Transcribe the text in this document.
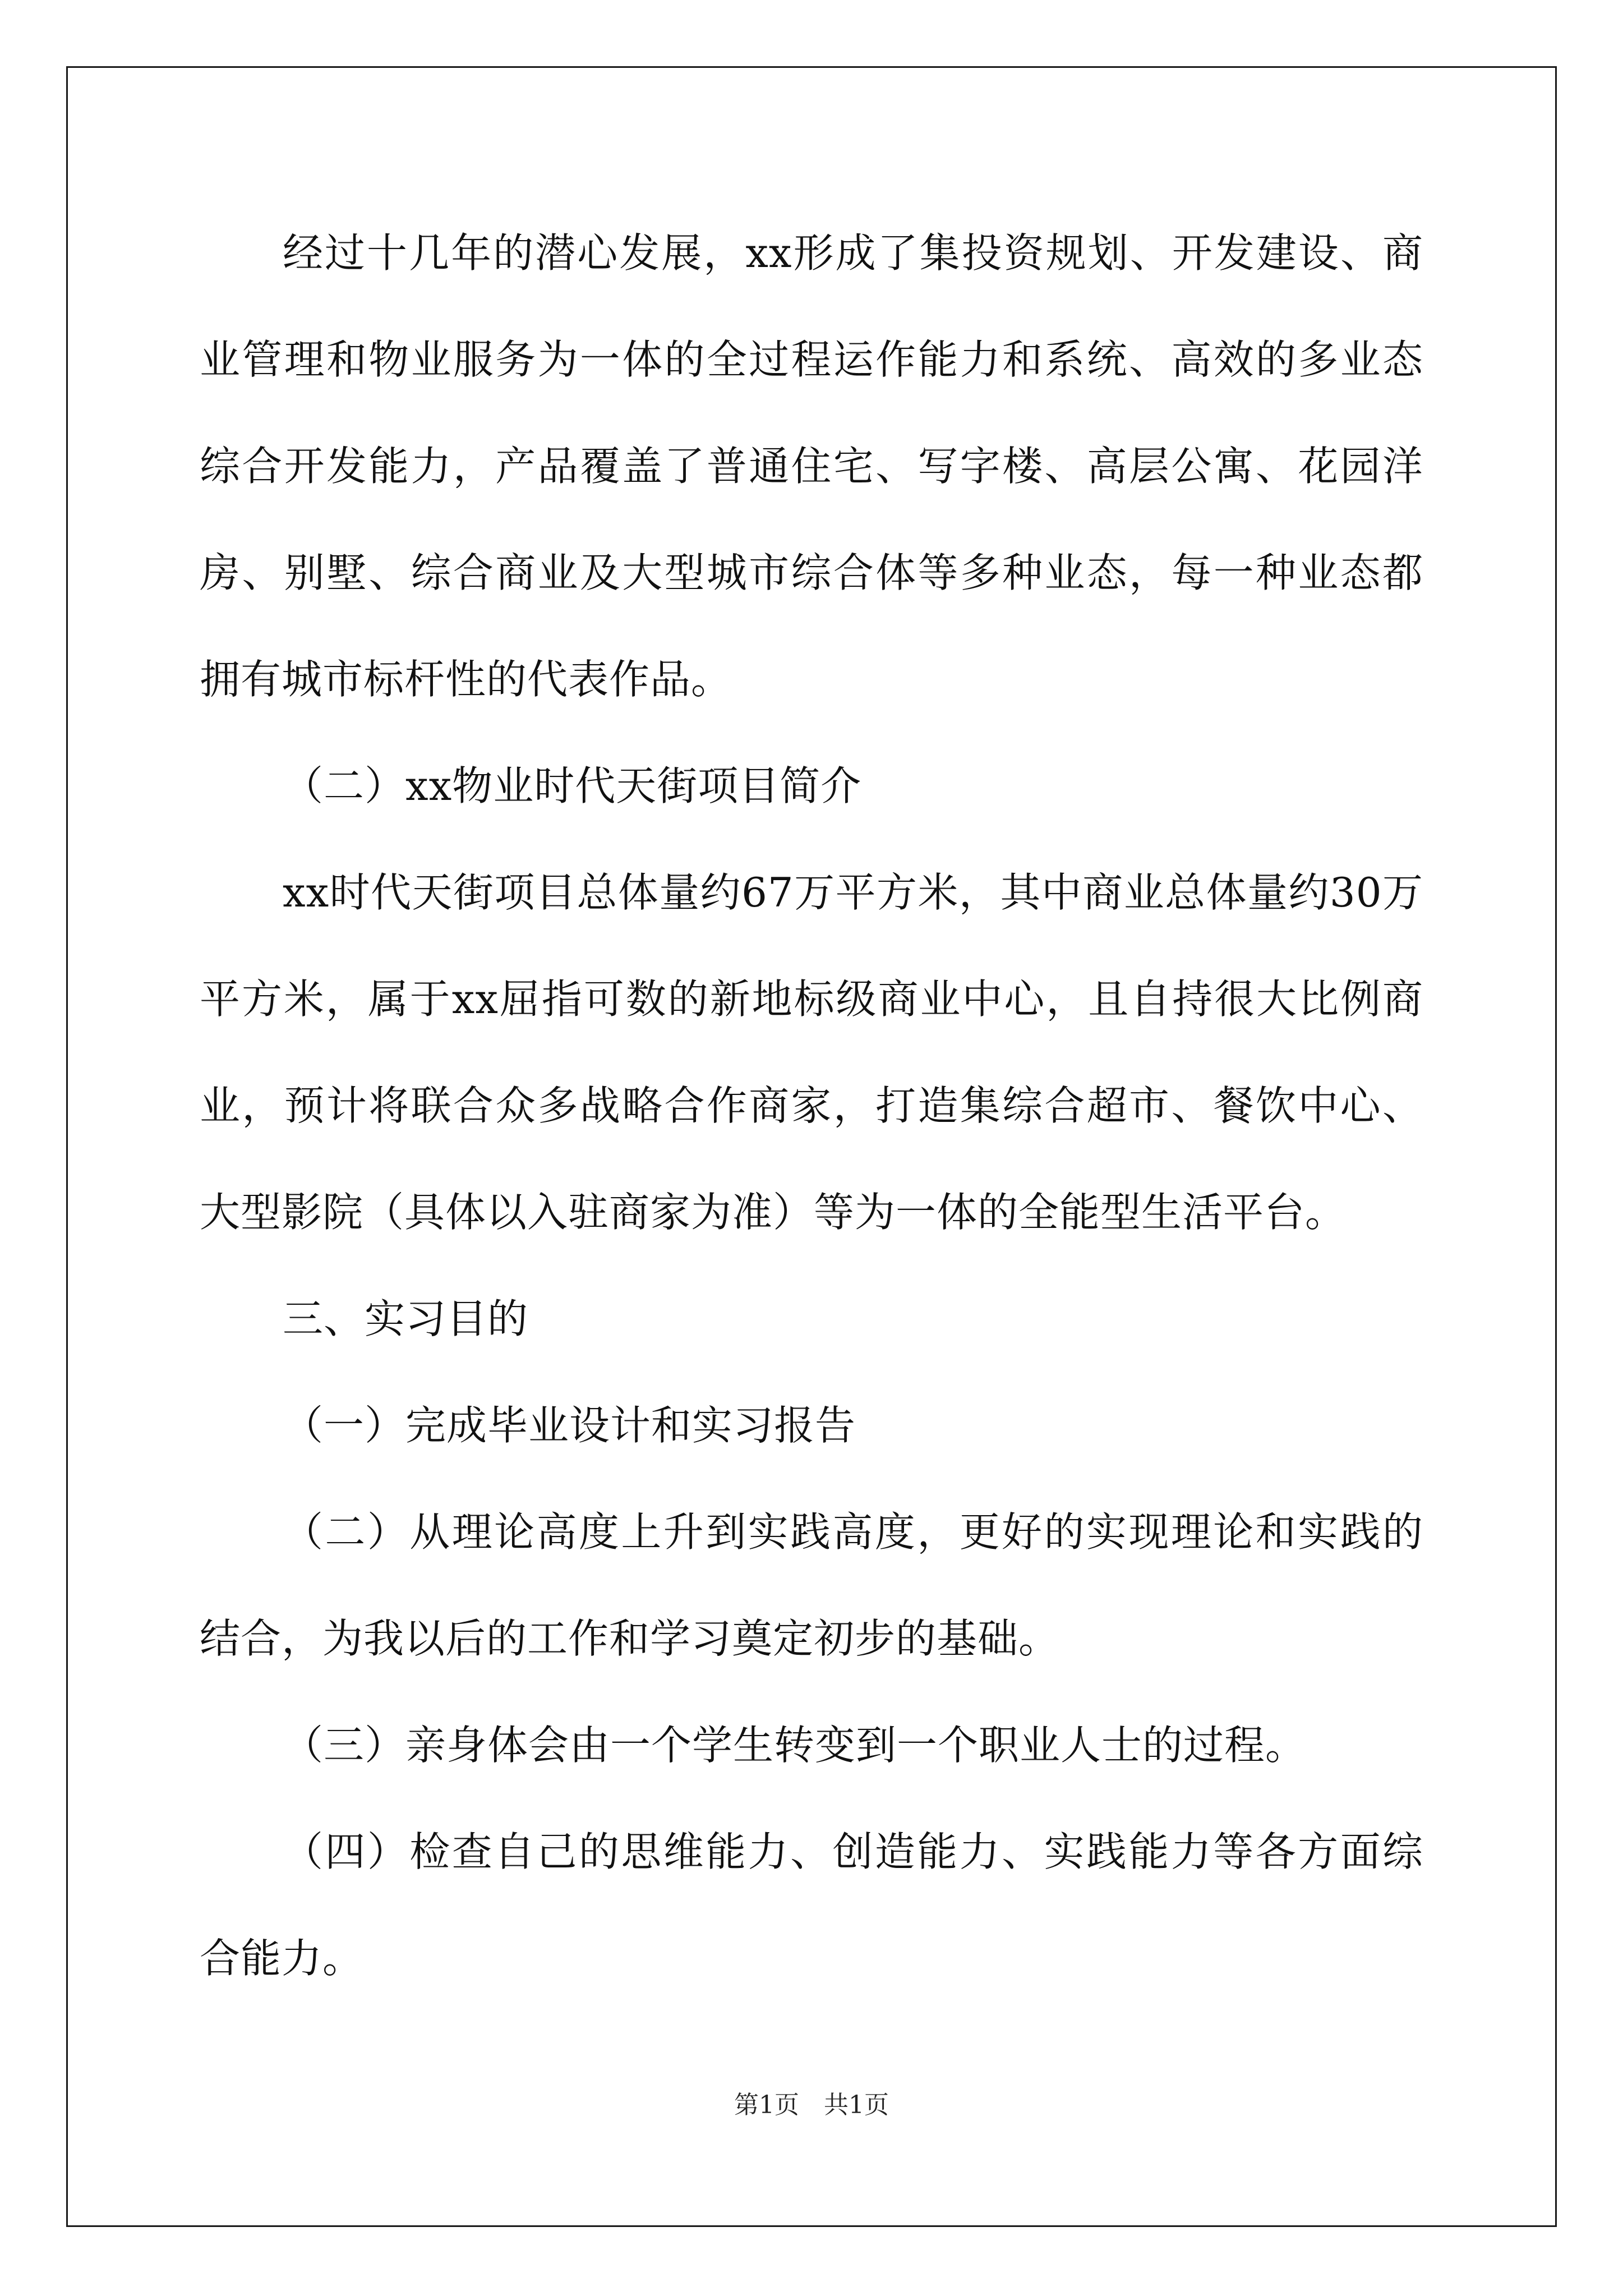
经过十几年的潜心发展，xx形成了集投资规划、开发建设、商业管理和物业服务为一体的全过程运作能力和系统、高效的多业态综合开发能力，产品覆盖了普通住宅、写字楼、高层公寓、花园洋房、别墅、综合商业及大型城市综合体等多种业态，每一种业态都拥有城市标杆性的代表作品。

（二）xx物业时代天街项目简介

xx时代天街项目总体量约67万平方米，其中商业总体量约30万平方米，属于xx屈指可数的新地标级商业中心，且自持很大比例商业，预计将联合众多战略合作商家，打造集综合超市、餐饮中心、大型影院（具体以入驻商家为准）等为一体的全能型生活平台。

三、实习目的

（一）完成毕业设计和实习报告

（二）从理论高度上升到实践高度，更好的实现理论和实践的结合，为我以后的工作和学习奠定初步的基础。

（三）亲身体会由一个学生转变到一个职业人士的过程。

（四）检查自己的思维能力、创造能力、实践能力等各方面综合能力。

第1页　共1页
